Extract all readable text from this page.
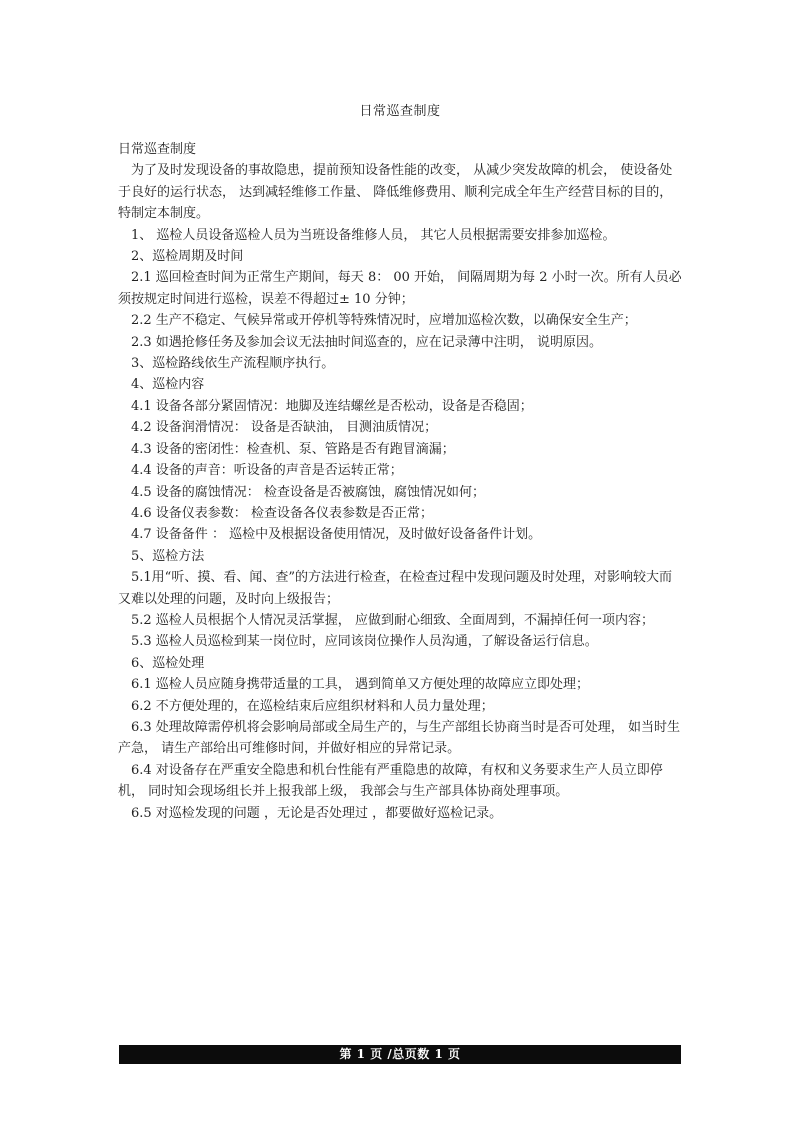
日常巡查制度

日常巡查制度

为了及时发现设备的事故隐患，提前预知设备性能的改变， 从减少突发故障的机会， 使设备处于良好的运行状态， 达到减轻维修工作量、 降低维修费用、顺利完成全年生产经营目标的目的，特制定本制度。

1、 巡检人员设备巡检人员为当班设备维修人员， 其它人员根据需要安排参加巡检。

2、巡检周期及时间

2.1 巡回检查时间为正常生产期间，每天 8： 00 开始， 间隔周期为每 2 小时一次。所有人员必须按规定时间进行巡检，误差不得超过± 10 分钟；

2.2 生产不稳定、气候异常或开停机等特殊情况时，应增加巡检次数，以确保安全生产；

2.3 如遇抢修任务及参加会议无法抽时间巡查的，应在记录薄中注明， 说明原因。

3、巡检路线依生产流程顺序执行。

4、巡检内容

4.1 设备各部分紧固情况：地脚及连结螺丝是否松动，设备是否稳固；

4.2 设备润滑情况： 设备是否缺油， 目测油质情况；

4.3 设备的密闭性：检查机、泵、管路是否有跑冒滴漏；

4.4 设备的声音：听设备的声音是否运转正常；

4.5 设备的腐蚀情况： 检查设备是否被腐蚀，腐蚀情况如何；

4.6 设备仪表参数： 检查设备各仪表参数是否正常；

4.7 设备备件 ： 巡检中及根据设备使用情况，及时做好设备备件计划。

5、巡检方法

5.1用“听、摸、看、闻、查”的方法进行检查，在检查过程中发现问题及时处理，对影响较大而又难以处理的问题，及时向上级报告；

5.2 巡检人员根据个人情况灵活掌握， 应做到耐心细致、全面周到，不漏掉任何一项内容；

5.3 巡检人员巡检到某一岗位时，应同该岗位操作人员沟通，了解设备运行信息。

6、巡检处理

6.1 巡检人员应随身携带适量的工具， 遇到简单又方便处理的故障应立即处理；

6.2 不方便处理的，在巡检结束后应组织材料和人员力量处理；

6.3 处理故障需停机将会影响局部或全局生产的，与生产部组长协商当时是否可处理， 如当时生产急， 请生产部给出可维修时间，并做好相应的异常记录。

6.4 对设备存在严重安全隐患和机台性能有严重隐患的故障，有权和义务要求生产人员立即停机， 同时知会现场组长并上报我部上级， 我部会与生产部具体协商处理事项。

6.5 对巡检发现的问题 ，无论是否处理过 ，都要做好巡检记录。

第 1 页 /总页数 1 页
